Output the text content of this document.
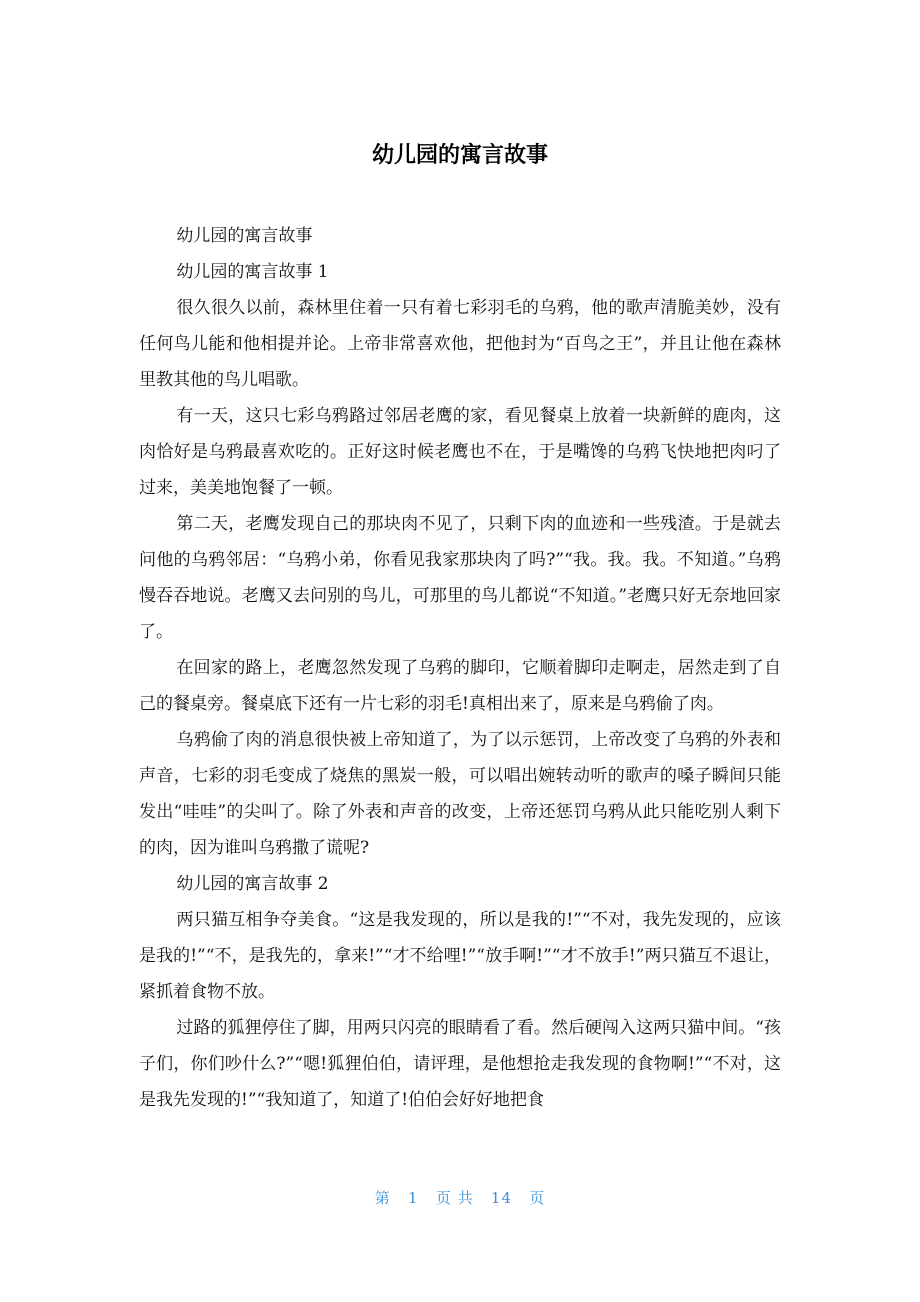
幼儿园的寓言故事

幼儿园的寓言故事

幼儿园的寓言故事 1

很久很久以前，森林里住着一只有着七彩羽毛的乌鸦，他的歌声清脆美妙，没有任何鸟儿能和他相提并论。上帝非常喜欢他，把他封为“百鸟之王”，并且让他在森林里教其他的鸟儿唱歌。

有一天，这只七彩乌鸦路过邻居老鹰的家，看见餐桌上放着一块新鲜的鹿肉，这肉恰好是乌鸦最喜欢吃的。正好这时候老鹰也不在，于是嘴馋的乌鸦飞快地把肉叼了过来，美美地饱餐了一顿。

第二天，老鹰发现自己的那块肉不见了，只剩下肉的血迹和一些残渣。于是就去问他的乌鸦邻居：“乌鸦小弟，你看见我家那块肉了吗?”“我。我。我。不知道。”乌鸦慢吞吞地说。老鹰又去问别的鸟儿，可那里的鸟儿都说“不知道。”老鹰只好无奈地回家了。

在回家的路上，老鹰忽然发现了乌鸦的脚印，它顺着脚印走啊走，居然走到了自己的餐桌旁。餐桌底下还有一片七彩的羽毛!真相出来了，原来是乌鸦偷了肉。

乌鸦偷了肉的消息很快被上帝知道了，为了以示惩罚，上帝改变了乌鸦的外表和声音，七彩的羽毛变成了烧焦的黑炭一般，可以唱出婉转动听的歌声的嗓子瞬间只能发出“哇哇”的尖叫了。除了外表和声音的改变，上帝还惩罚乌鸦从此只能吃别人剩下的肉，因为谁叫乌鸦撒了谎呢?

幼儿园的寓言故事 2

两只猫互相争夺美食。“这是我发现的，所以是我的!”“不对，我先发现的，应该是我的!”“不，是我先的，拿来!”“才不给哩!”“放手啊!”“才不放手!”两只猫互不退让，紧抓着食物不放。

过路的狐狸停住了脚，用两只闪亮的眼睛看了看。然后硬闯入这两只猫中间。“孩子们，你们吵什么?”“嗯!狐狸伯伯，请评理，是他想抢走我发现的食物啊!”“不对，这是我先发现的!”“我知道了，知道了!伯伯会好好地把食

第   1   页 共   14   页
